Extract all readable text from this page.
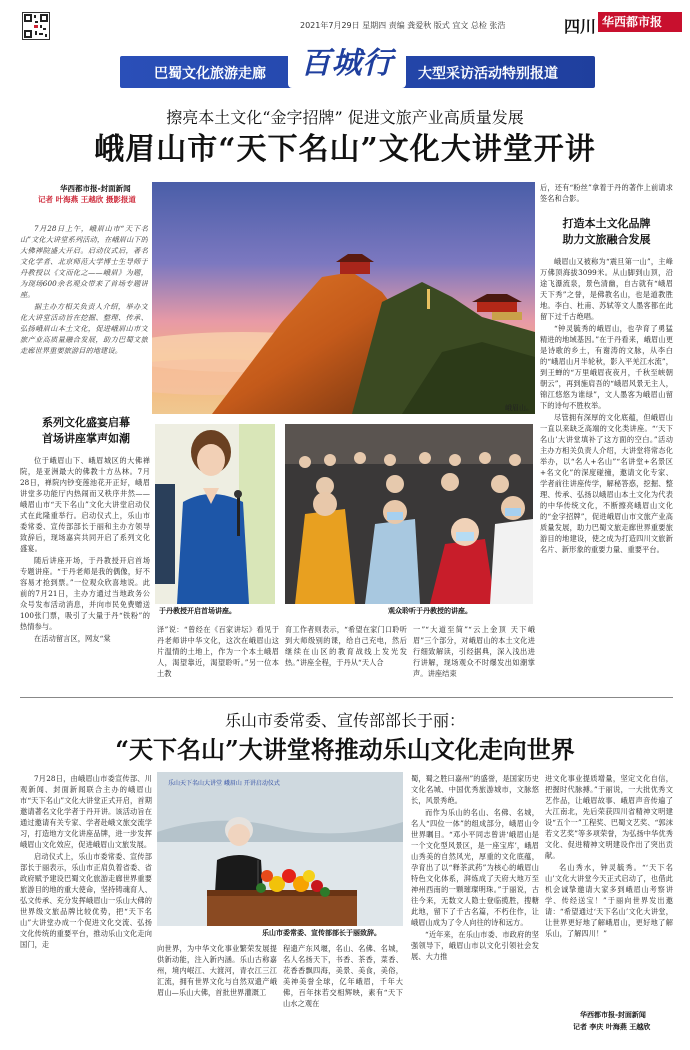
2021年7月29日 星期四 责编 龚爱秋 版式 宜文 总检 张浩	四川 华西都市报 07
巴蜀文化旅游走廊	百城行	大型采访活动特别报道
擦亮本土文化“金字招牌” 促进文旅产业高质量发展
峨眉山市“天下名山”文化大讲堂开讲
华西都市报-封面新闻
记者 叶海燕 王越欣 摄影报道

7月28日上午，峨眉山市“天下名山”文化大讲堂系列活动，在峨眉山下的大佛禅院盛大开启。启动仪式后，著名文化学者、北京师范大学博士生导师于丹教授以《文而化之——峨眉》为题，为现场600余名观众带来了首场专题讲座。

据主办方相关负责人介绍，举办文化大讲堂活动旨在挖掘、整理、传承、弘扬峨眉山本土文化，促进峨眉山市文旅产业高质量融合发展，助力巴蜀文旅走廊世界重要旅游目的地建设。

峨眉山。
系列文化盛宴启幕
首场讲座掌声如潮

位于峨眉山下、峨眉城区的大佛禅院，是亚洲最大的佛教十方丛林。7月28日，禅院内钞变莲池花开正好，峨眉讲堂多功能厅内热闹而又秩序井然——峨眉山市“天下名山”文化大讲堂启动仪式在此隆重举行。启动仪式上，乐山市委常委、宣传部部长于丽和主办方领导致辞后，现场嘉宾共同开启了系列文化盛宴。

随后讲座开场，于丹教授开启首场专题讲座。“于丹老师是我的偶像，好不容易才抢到票。”一位观众欣喜地说。此前的7月21日，主办方通过当地政务公众号发布活动消息，并向市民免费赠送100张门票，吸引了大量于丹“铁粉”的热情参与。

在活动留言区，网友“棠

于丹教授开启首场讲座。	观众聆听于丹教授的讲座。
泽”说：“曾经在《百家讲坛》看见于丹老师讲中华文化，这次在峨眉山这片温情的土地上，作为一个本土峨眉人，渴望靠近，渴望聆听。”另一位本土教
育工作者则表示，“希望在家门口聆听到大师级别的课，给自己充电，然后继续在山区的教育战线上发光发热。”讲座全程，于丹从“天人合
一”“大道至简”“云上金顶 天下峨眉”三个部分，对峨眉山的本土文化进行细致解读，引经据典，深入浅出进行讲解，现场观众不时爆发出如潮掌声。讲座结束
后，还有“粉丝”拿着于丹的著作上前请求签名和合影。
打造本土文化品牌
助力文旅融合发展

峨眉山又被称为“震旦第一山”，主峰万佛顶海拔3099米。从山脚到山顶，沿途飞瀑流泉，景色清幽，自古就有“峨眉天下秀”之誉，是佛教名山，也是道教胜地。李白、杜甫、苏轼等文人墨客都在此留下过千古绝唱。

“钟灵毓秀的峨眉山，也孕育了勇猛精进的地域基因。”在于丹看来，峨眉山更是诗歌的乡土，有谢涛的文脉，从李白的“峨眉山月半轮秋，影入平羌江水流”，到王蝉的“万里峨眉夜夜月，千秋至峡朝朝云”，再到施肩吾的“峨眉风景无主人，锦江悠悠为谁绿”，文人墨客为峨眉山留下的诗句不胜枚举。

尽管拥有深厚的文化底蕴，但峨眉山一直以来缺乏高端的文化类讲座。“‘天下名山’大讲堂填补了这方面的空白。”活动主办方相关负责人介绍，大讲堂将常态化举办，以“名人+名山”“名讲堂+名景区+名文化”的深度碰撞，邀请文化专家、学者前往讲座传学，解秘答惑，挖掘、整理、传承、弘扬以峨眉山本土文化为代表的中华传统文化，不断擦亮峨眉山文化的“金字招牌”，促进峨眉山市文旅产业高质量发展，助力巴蜀文旅走廊世界重要旅游目的地建设，使之成为打造四川文旅新名片、新形象的重要力量、重要平台。

乐山市委常委、宣传部部长于丽：
“天下名山”大讲堂将推动乐山文化走向世界

7月28日，由峨眉山市委宣传部、川观新闻、封面新闻联合主办的峨眉山市“天下名山”文化大讲堂正式开启，首期邀请著名文化学者于丹开讲。该活动旨在通过邀请有关专家、学者赴峨文旅交流学习，打造地方文化讲座品牌，进一步发挥峨眉山文化效应，促进峨眉山文旅发展。

启动仪式上，乐山市委常委、宣传部部长于丽表示，乐山市正肩负着省委、省政府赋予建设巴蜀文化旅游走廊世界重要旅游目的地的重大使命，坚持铸魂育人、弘文传承、充分发挥峨眉山一乐山大佛的世界级文旅品牌比较优势，把“天下名山”大讲堂办成一个促进文化交流、弘扬文化传统的重要平台，推动乐山文化走向国门，走

乐山天下名山大讲堂 峨眉山 开讲启动仪式
乐山市委常委、宣传部部长于丽致辞。
向世界，为中华文化事业繁荣发展提供新动能，注入新内涵。乐山古称嘉州，境内岷江、大渡河，青衣江三江汇流，拥有世界文化与自然双遗产峨眉山—乐山大佛，首批世界灌溉工
程遗产东风堰，名山、名佛、名城，名人名扬天下，书香、茶香，菜香、花香香飘四海，美景、美食，美俗，美神美誉全球，亿年峨眉，千年大佛，百年抹若交相辉映，素有“天下山水之观在

蜀，蜀之胜曰嘉州”的盛誉，是国家历史文化名城、中国优秀旅游城市，文脉悠长，风景秀绝。

而作为乐山的名山、名佛、名城，名人“四位一体”的组成部分，峨眉山令世界瞩目。“邓小平同志曾讲‘峨眉山是一个文化型风景区，是一座宝库’，峨眉山秀美的自然风光，厚重的文化底蕴，孕育出了以“释茶武药”为核心的峨眉山特色文化体系，湃炼成了天府大地万至神州西南的一颗璀璨明珠。”于丽说，古往今来，无数文人隐士登临揽胜，搜糖此地，留下了千古名篇，不朽住作，让峨眉山成为了令人向往的诗和远方。

“近年来，在乐山市委、市政府的坚强领导下，峨眉山市以文化引领社会发展、大力推

进文化事业提质增量，坚定文化自信，把握时代脉搏。”于丽说，一大批优秀文艺作品，让峨眉故事、峨眉声音传遍了大江南北，先后荣获四川省精神文明建设“五个一”工程奖、巴蜀文艺奖、“郭沫若文艺奖”等多项荣誉，为弘扬中华优秀文化、促进精神文明建设作出了突出贡献。

名山秀水，钟灵毓秀。“‘天下名山’文化大讲堂今天正式启动了，也借此机会诚挚邀请大家多到峨眉山考察讲学、传经送宝！”于丽向世界发出邀请：“希望通过‘天下名山’文化大讲堂，让世界更好地了解峨眉山，更好地了解乐山，了解四川！”

华西都市报-封面新闻
记者 李庆 叶海燕 王越欣
